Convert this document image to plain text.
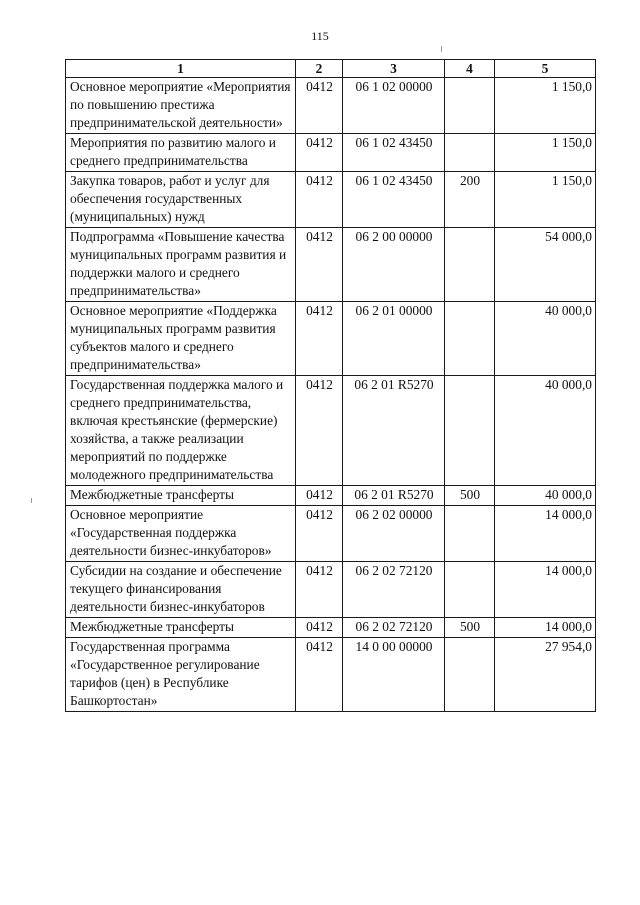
115
1	2	3	4	5
Основное мероприятие «Мероприятия по повышению престижа предпринимательской деятельности»	0412	06 1 02 00000		1 150,0
Мероприятия по развитию малого и среднего предпринимательства	0412	06 1 02 43450		1 150,0
Закупка товаров, работ и услуг для обеспечения государственных (муниципальных) нужд	0412	06 1 02 43450	200	1 150,0
Подпрограмма «Повышение качества муниципальных программ развития и поддержки малого и среднего предпринимательства»	0412	06 2 00 00000		54 000,0
Основное мероприятие «Поддержка муниципальных программ развития субъектов малого и среднего предпринимательства»	0412	06 2 01 00000		40 000,0
Государственная поддержка малого и среднего предпринимательства, включая крестьянские (фермерские) хозяйства, а также реализации мероприятий по поддержке молодежного предпринимательства	0412	06 2 01 R5270		40 000,0
Межбюджетные трансферты	0412	06 2 01 R5270	500	40 000,0
Основное мероприятие «Государственная поддержка деятельности бизнес-инкубаторов»	0412	06 2 02 00000		14 000,0
Субсидии на создание и обеспечение текущего финансирования деятельности бизнес-инкубаторов	0412	06 2 02 72120		14 000,0
Межбюджетные трансферты	0412	06 2 02 72120	500	14 000,0
Государственная программа «Государственное регулирование тарифов (цен) в Республике Башкортостан»	0412	14 0 00 00000		27 954,0
